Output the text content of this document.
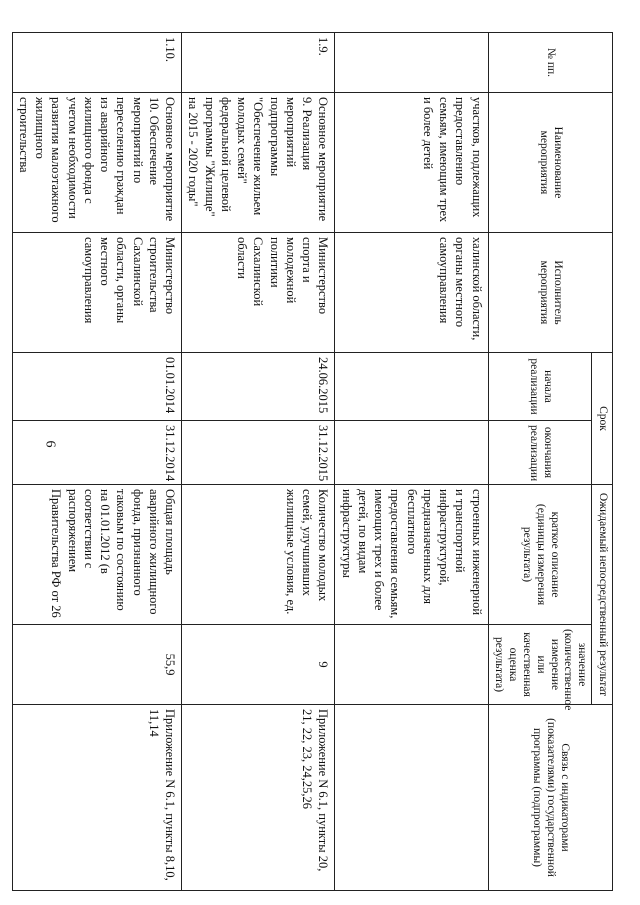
6
№ пп.	Наименование мероприятия	Исполнитель мероприятия	Срок		Ожидаемый непосредственный результат		Связь с индикаторами (показателями) государственной программы (подпрограммы)
			начала реализации	окончания реализации	краткое описание (единицы измерения результата)	значение (количественное измерение или качественная оценка результата)	
	участков, подлежащих предоставлению семьям, имеющим трех и более детей	халинской области, органы местного самоуправления			строенных инженерной и транспортной инфраструктурой, предназначенных для бесплатного предоставления семьям, имеющих трех и более детей, по видам инфраструктуры		
1.9.	Основное мероприятие 9. Реализация мероприятий подпрограммы "Обеспечение жильем молодых семей" федеральной целевой программы "Жилище" на 2015 - 2020 годы"	Министерство спорта и молодежной политики Сахалинской области	24.06.2015	31.12.2015	Количество молодых семей, улучшивших жилищные условия, ед.	9	Приложение N 6.1, пункты 20, 21, 22, 23, 24,25,26
1.10.	Основное мероприятие 10. Обеспечение мероприятий по переселению граждан из аварийного жилищного фонда с учетом необходимости развития малоэтажного жилищного строительства	Министерство строительства Сахалинской области, органы местного самоуправления	01.01.2014	31.12.2014	Общая площадь аварийного жилищного фонда, признанного таковым по состоянию на 01.01.2012 (в соответствии с распоряжением Правительства РФ от 26	55,9	Приложение N 6.1, пункты 8,10, 11,14
